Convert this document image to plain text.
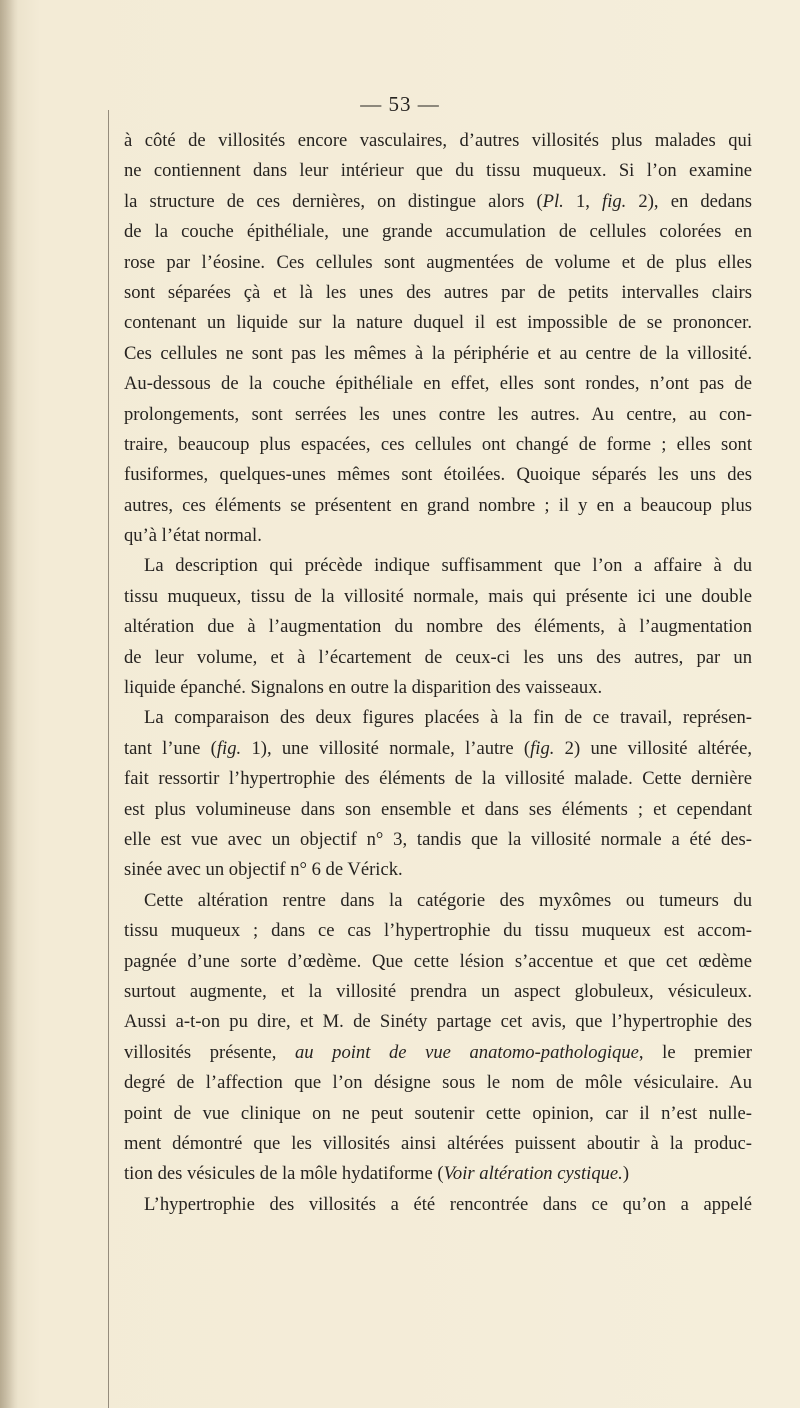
— 53 —
à côté de villosités encore vasculaires, d’autres villosités plus malades qui
ne contiennent dans leur intérieur que du tissu muqueux. Si l’on examine
la structure de ces dernières, on distingue alors (Pl. 1, fig. 2), en dedans
de la couche épithéliale, une grande accumulation de cellules colorées en
rose par l’éosine. Ces cellules sont augmentées de volume et de plus elles
sont séparées çà et là les unes des autres par de petits intervalles clairs
contenant un liquide sur la nature duquel il est impossible de se prononcer.
Ces cellules ne sont pas les mêmes à la périphérie et au centre de la villosité.
Au-dessous de la couche épithéliale en effet, elles sont rondes, n’ont pas de
prolongements, sont serrées les unes contre les autres. Au centre, au con-
traire, beaucoup plus espacées, ces cellules ont changé de forme ; elles sont
fusiformes, quelques-unes mêmes sont étoilées. Quoique séparés les uns des
autres, ces éléments se présentent en grand nombre ; il y en a beaucoup plus
qu’à l’état normal.
La description qui précède indique suffisamment que l’on a affaire à du
tissu muqueux, tissu de la villosité normale, mais qui présente ici une double
altération due à l’augmentation du nombre des éléments, à l’augmentation
de leur volume, et à l’écartement de ceux-ci les uns des autres, par un
liquide épanché. Signalons en outre la disparition des vaisseaux.
La comparaison des deux figures placées à la fin de ce travail, représen-
tant l’une (fig. 1), une villosité normale, l’autre (fig. 2) une villosité altérée,
fait ressortir l’hypertrophie des éléments de la villosité malade. Cette dernière
est plus volumineuse dans son ensemble et dans ses éléments ; et cependant
elle est vue avec un objectif n° 3, tandis que la villosité normale a été des-
sinée avec un objectif n° 6 de Vérick.
Cette altération rentre dans la catégorie des myxômes ou tumeurs du
tissu muqueux ; dans ce cas l’hypertrophie du tissu muqueux est accom-
pagnée d’une sorte d’œdème. Que cette lésion s’accentue et que cet œdème
surtout augmente, et la villosité prendra un aspect globuleux, vésiculeux.
Aussi a-t-on pu dire, et M. de Sinéty partage cet avis, que l’hypertrophie des
villosités présente, au point de vue anatomo-pathologique, le premier
degré de l’affection que l’on désigne sous le nom de môle vésiculaire. Au
point de vue clinique on ne peut soutenir cette opinion, car il n’est nulle-
ment démontré que les villosités ainsi altérées puissent aboutir à la produc-
tion des vésicules de la môle hydatiforme (Voir altération cystique.)
L’hypertrophie des villosités a été rencontrée dans ce qu’on a appelé
